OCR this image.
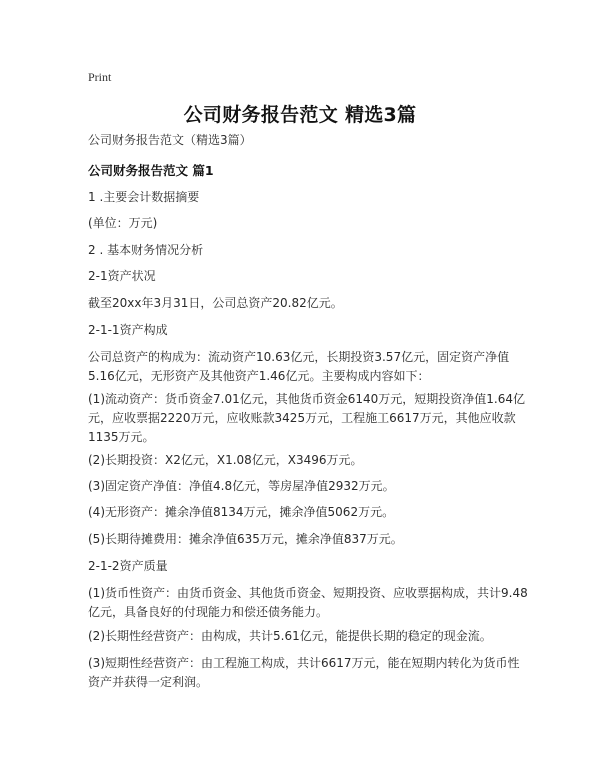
Print
公司财务报告范文 精选3篇
公司财务报告范文（精选3篇）
公司财务报告范文 篇1
1 .主要会计数据摘要
(单位：万元)
2 . 基本财务情况分析
2-1资产状况
截至20xx年3月31日，公司总资产20.82亿元。
2-1-1资产构成
公司总资产的构成为：流动资产10.63亿元，长期投资3.57亿元，固定资产净值5.16亿元，无形资产及其他资产1.46亿元。主要构成内容如下：
(1)流动资产：货币资金7.01亿元，其他货币资金6140万元，短期投资净值1.64亿元，应收票据2220万元，应收账款3425万元，工程施工6617万元，其他应收款1135万元。
(2)长期投资：X2亿元，X1.08亿元，X3496万元。
(3)固定资产净值：净值4.8亿元，等房屋净值2932万元。
(4)无形资产：摊余净值8134万元，摊余净值5062万元。
(5)长期待摊费用：摊余净值635万元，摊余净值837万元。
2-1-2资产质量
(1)货币性资产：由货币资金、其他货币资金、短期投资、应收票据构成，共计9.48亿元，具备良好的付现能力和偿还债务能力。
(2)长期性经营资产：由构成，共计5.61亿元，能提供长期的稳定的现金流。
(3)短期性经营资产：由工程施工构成，共计6617万元，能在短期内转化为货币性资产并获得一定利润。
